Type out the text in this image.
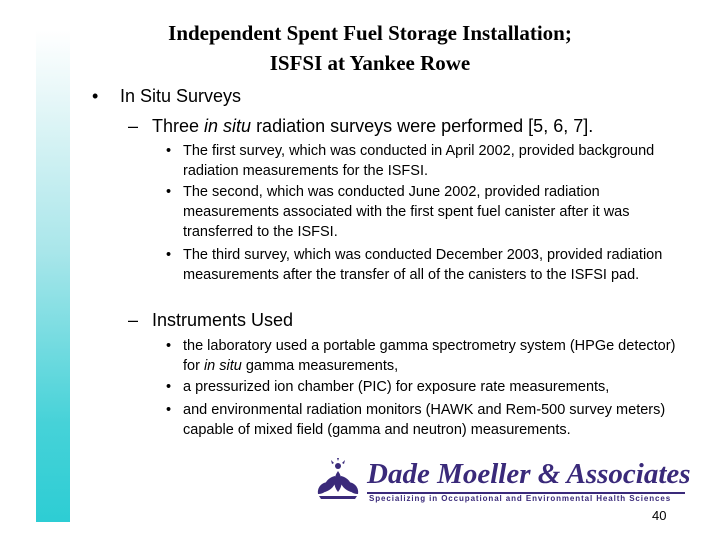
Independent Spent Fuel Storage Installation;
ISFSI at Yankee Rowe
• In Situ Surveys
– Three in situ radiation surveys were performed [5, 6, 7].
• The first survey, which was conducted in April 2002, provided background radiation measurements for the ISFSI.
• The second, which was conducted June 2002, provided radiation measurements associated with the first spent fuel canister after it was transferred to the ISFSI.
• The third survey, which was conducted December 2003, provided radiation measurements after the transfer of all of the canisters to the ISFSI pad.
– Instruments Used
• the laboratory used a portable gamma spectrometry system (HPGe detector) for in situ gamma measurements,
• a pressurized ion chamber (PIC) for exposure rate measurements,
• and environmental radiation monitors (HAWK and Rem-500 survey meters) capable of mixed field (gamma and neutron) measurements.
Dade Moeller & Associates
Specializing in Occupational and Environmental Health Sciences
40
